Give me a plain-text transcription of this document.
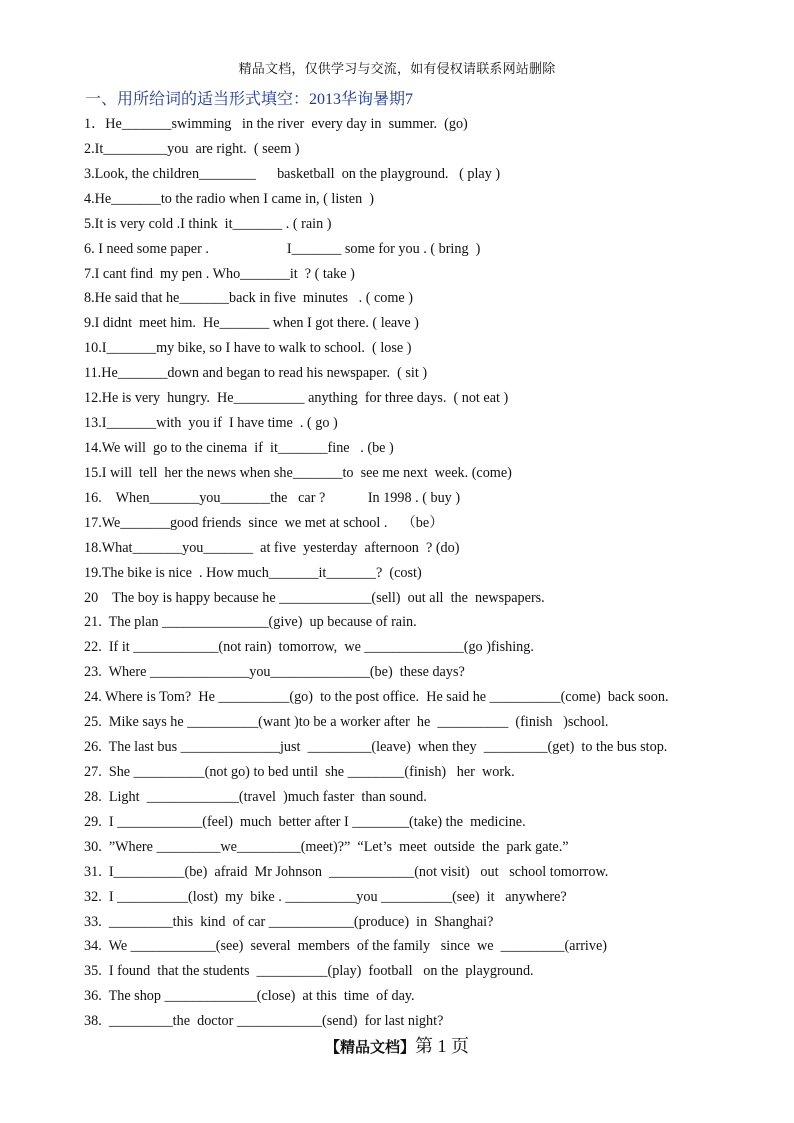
精品文档，仅供学习与交流，如有侵权请联系网站删除
一、用所给词的适当形式填空：2013华询暑期7
1．He_______swimming   in the river  every day in  summer.  (go)
2.It_________you  are right.  ( seem )
3.Look, the children________      basketball  on the playground.   ( play )
4.He_______to the radio when I came in, ( listen  )
5.It is very cold .I think  it_______ . ( rain )
6. I need some paper .                      I_______ some for you . ( bring  )
7.I cant find  my pen . Who_______it  ? ( take )
8.He said that he_______back in five  minutes   . ( come )
9.I didnt  meet him.  He_______ when I got there. ( leave )
10.I_______my bike, so I have to walk to school.  ( lose )
11.He_______down and began to read his newspaper.  ( sit )
12.He is very  hungry.  He__________ anything  for three days.  ( not eat )
13.I_______with  you if  I have time  . ( go )
14.We will  go to the cinema  if  it_______fine   . (be )
15.I will  tell  her the news when she_______to  see me next  week. (come)
16.    When_______you_______the   car ?            In 1998 . ( buy )
17.We_______good friends  since  we met at school .    （be）
18.What_______you_______  at five  yesterday  afternoon  ? (do)
19.The bike is nice  . How much_______it_______?  (cost)
20    The boy is happy because he _____________(sell)  out all  the  newspapers.
21.  The plan _______________(give)  up because of rain.
22.  If it ____________(not rain)  tomorrow,  we ______________(go )fishing.
23.  Where ______________you______________(be)  these days?
24. Where is Tom?  He __________(go)  to the post office.  He said he __________(come)  back soon.
25.  Mike says he __________(want )to be a worker after  he  __________  (finish   )school.
26.  The last bus ______________just  _________(leave)  when they  _________(get)  to the bus stop.
27.  She __________(not go) to bed until  she ________(finish)   her  work.
28.  Light  _____________(travel  )much faster  than sound.
29.  I ____________(feel)  much  better after I ________(take) the  medicine.
30.  ”Where _________we_________(meet)?”  “Let’s  meet  outside  the  park gate.”
31.  I__________(be)  afraid  Mr Johnson  ____________(not visit)   out   school tomorrow.
32.  I __________(lost)  my  bike . __________you __________(see)  it   anywhere?
33.  _________this  kind  of car ____________(produce)  in  Shanghai?
34.  We ____________(see)  several  members  of the family   since  we  _________(arrive)
35.  I found  that the students  __________(play)  football   on the  playground.
36.  The shop _____________(close)  at this  time  of day.
38.  _________the  doctor ____________(send)  for last night?
【精品文档】第 1 页
